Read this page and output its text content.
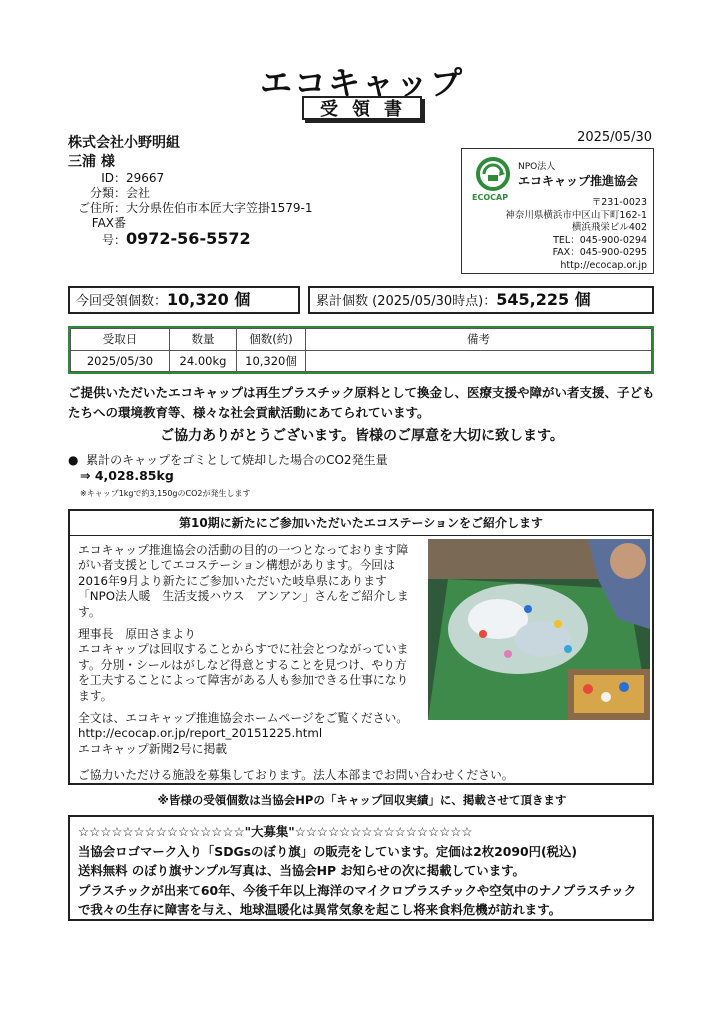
エコキャップ
受領書
2025/05/30
株式会社小野明組
三浦 様
ID：29667
分類：会社
ご住所：大分県佐伯市本匠大字笠掛1579-1
FAX番号：0972-56-5572
ECOCAP
NPO法人
エコキャップ推進協会
〒231-0023
神奈川県横浜市中区山下町162-1
横浜飛栄ビル402
TEL：045-900-0294
FAX：045-900-0295
http://ecocap.or.jp
今回受領個数：10,320 個	累計個数 (2025/05/30時点)：545,225 個
受取日	数量	個数(約)	備考
2025/05/30	24.00kg	10,320個	
ご提供いただいたエコキャップは再生プラスチック原料として換金し、医療支援や障がい者支援、子どもたちへの環境教育等、様々な社会貢献活動にあてられています。
ご協力ありがとうございます。皆様のご厚意を大切に致します。
●  累計のキャップをゴミとして焼却した場合のCO2発生量
⇒ 4,028.85kg
※キャップ1kgで約3,150gのCO2が発生します
第10期に新たにご参加いただいたエコステーションをご紹介します

エコキャップ推進協会の活動の目的の一つとなっております障がい者支援としてエコステーション構想があります。今回は2016年9月より新たにご参加いただいた岐阜県にあります「NPO法人暖　生活支援ハウス　アンアン」さんをご紹介します。

理事長　原田さまより

エコキャップは回収することからすでに社会とつながっています。分別・シールはがしなど得意とすることを見つけ、やり方を工夫することによって障害がある人も参加できる仕事になります。

全文は、エコキャップ推進協会ホームページをご覧ください。

http://ecocap.or.jp/report_20151225.html
エコキャップ新聞2号に掲載
ご協力いただける施設を募集しております。法人本部までお問い合わせください。
※皆様の受領個数は当協会HPの「キャップ回収実績」に、掲載させて頂きます
☆☆☆☆☆☆☆☆☆☆☆☆☆☆☆"大募集"☆☆☆☆☆☆☆☆☆☆☆☆☆☆☆☆
当協会ロゴマーク入り「SDGsのぼり旗」の販売をしています。定価は2枚2090円(税込)
送料無料 のぼり旗サンプル写真は、当協会HP お知らせの次に掲載しています。
プラスチックが出来て60年、今後千年以上海洋のマイクロプラスチックや空気中のナノプラスチックで我々の生存に障害を与え、地球温暖化は異常気象を起こし将来食料危機が訪れます。
